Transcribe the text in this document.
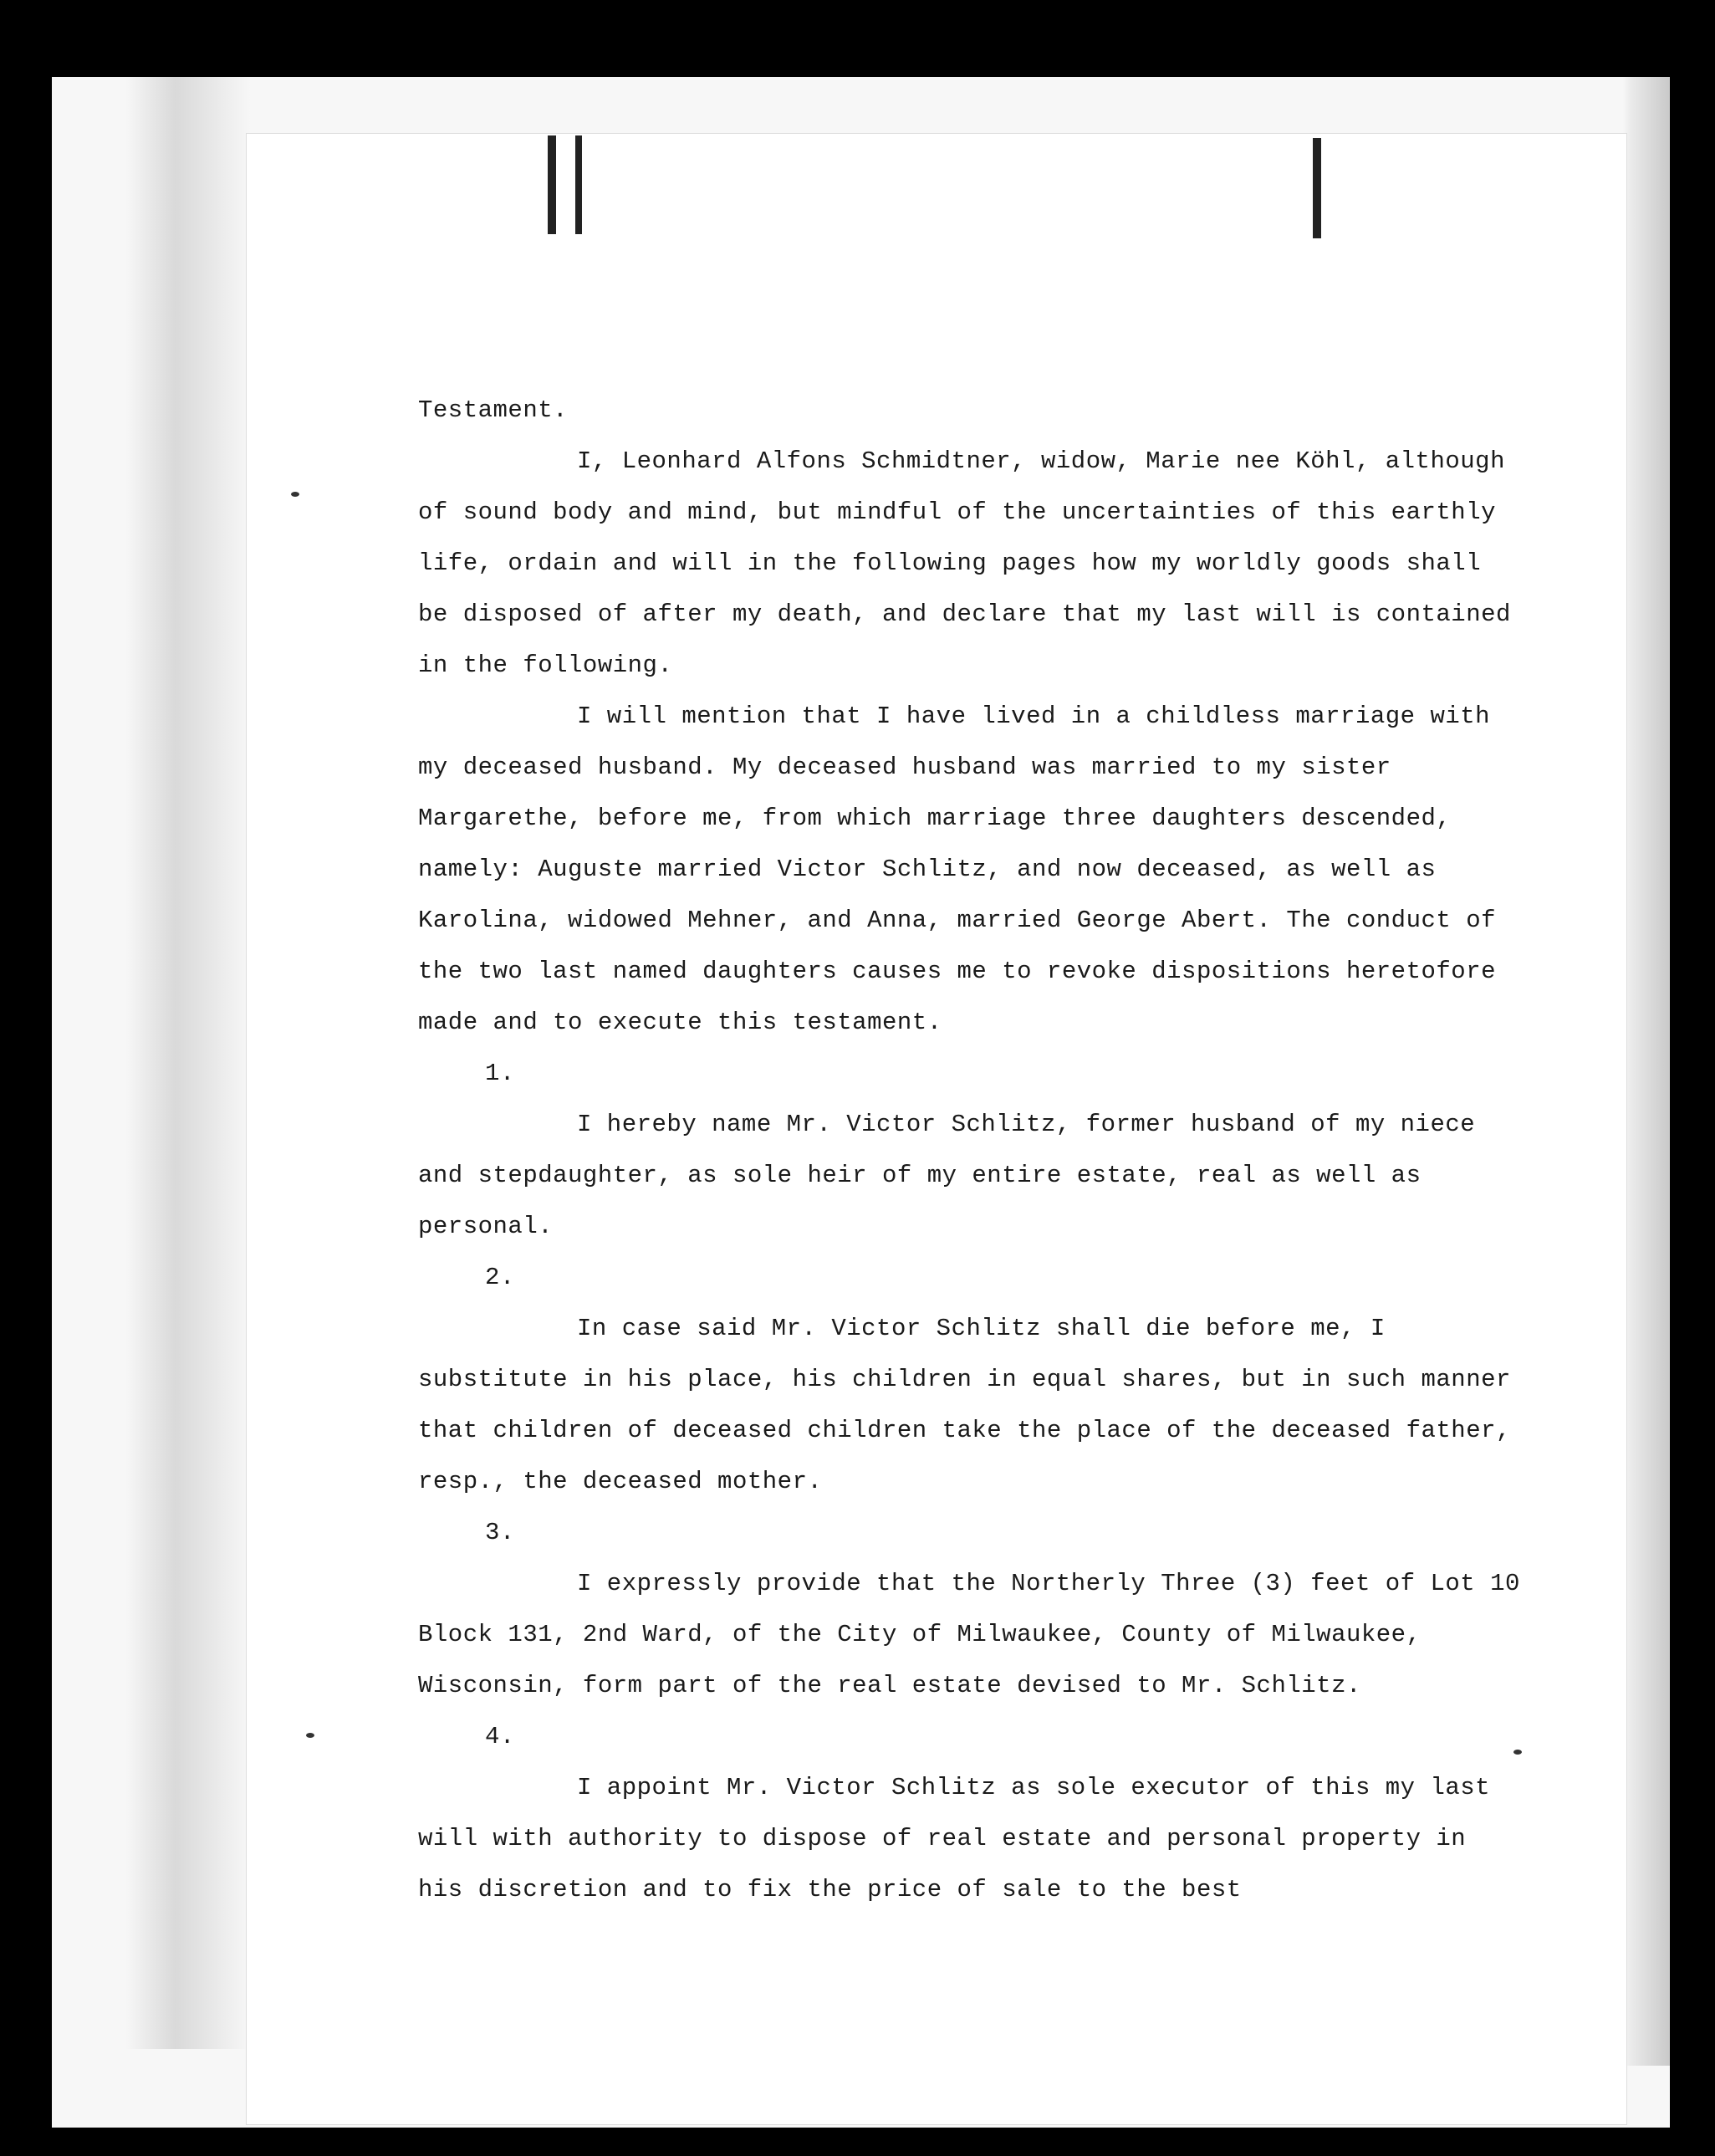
Testament.

I, Leonhard Alfons Schmidtner, widow, Marie nee Köhl, although of sound body and mind, but mindful of the uncertainties of this earthly life, ordain and will in the following pages how my worldly goods shall be disposed of after my death, and declare that my last will is contained in the following.

I will mention that I have lived in a childless marriage with my deceased husband. My deceased husband was married to my sister Margarethe, before me, from which marriage three daughters descended, namely: Auguste married Victor Schlitz, and now deceased, as well as Karolina, widowed Mehner, and Anna, married George Abert. The conduct of the two last named daughters causes me to revoke dispositions heretofore made and to execute this testament.

1.

I hereby name Mr. Victor Schlitz, former husband of my niece and stepdaughter, as sole heir of my entire estate, real as well as personal.

2.

In case said Mr. Victor Schlitz shall die before me, I substitute in his place, his children in equal shares, but in such manner that children of deceased children take the place of the deceased father, resp., the deceased mother.

3.

I expressly provide that the Northerly Three (3) feet of Lot 10 Block 131, 2nd Ward, of the City of Milwaukee, County of Milwaukee, Wisconsin, form part of the real estate devised to Mr. Schlitz.

4.

I appoint Mr. Victor Schlitz as sole executor of this my last will with authority to dispose of real estate and personal property in his discretion and to fix the price of sale to the best
